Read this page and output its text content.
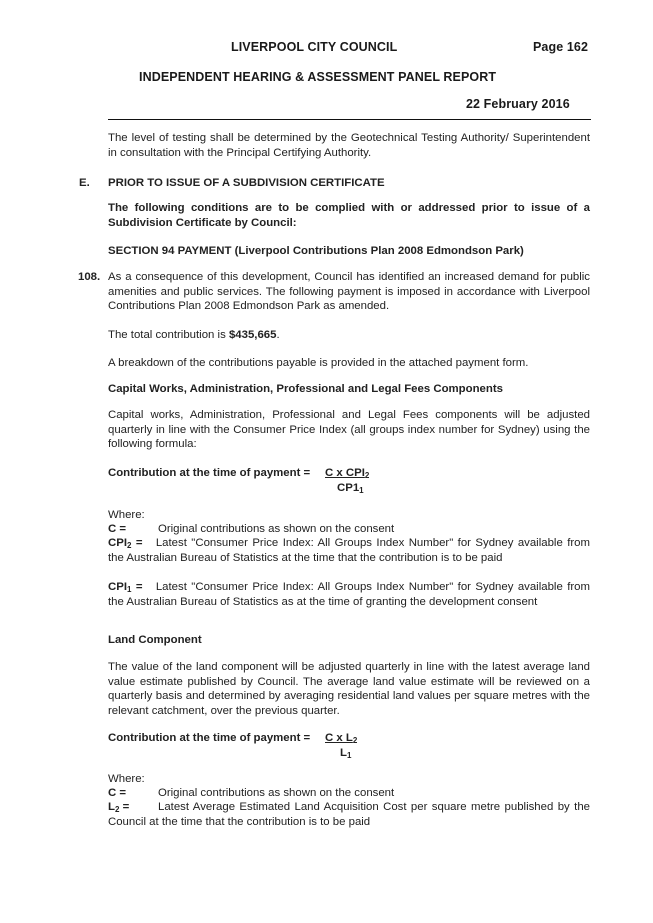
LIVERPOOL CITY COUNCIL	Page 162
INDEPENDENT HEARING & ASSESSMENT PANEL REPORT
22 February 2016
The level of testing shall be determined by the Geotechnical Testing Authority/ Superintendent in consultation with the Principal Certifying Authority.
E. PRIOR TO ISSUE OF A SUBDIVISION CERTIFICATE
The following conditions are to be complied with or addressed prior to issue of a Subdivision Certificate by Council:
SECTION 94 PAYMENT (Liverpool Contributions Plan 2008 Edmondson Park)
108. As a consequence of this development, Council has identified an increased demand for public amenities and public services. The following payment is imposed in accordance with Liverpool Contributions Plan 2008 Edmondson Park as amended.
The total contribution is $435,665.
A breakdown of the contributions payable is provided in the attached payment form.
Capital Works, Administration, Professional and Legal Fees Components
Capital works, Administration, Professional and Legal Fees components will be adjusted quarterly in line with the Consumer Price Index (all groups index number for Sydney) using the following formula:
Contribution at the time of payment = C x $CPI_2$
$CP1_1$
Where:
C =	Original contributions as shown on the consent
$CPI_2$ = Latest "Consumer Price Index: All Groups Index Number" for Sydney available from the Australian Bureau of Statistics at the time that the contribution is to be paid
$CPI_1$ = Latest "Consumer Price Index: All Groups Index Number" for Sydney available from the Australian Bureau of Statistics as at the time of granting the development consent
Land Component
The value of the land component will be adjusted quarterly in line with the latest average land value estimate published by Council. The average land value estimate will be reviewed on a quarterly basis and determined by averaging residential land values per square metres with the relevant catchment, over the previous quarter.
Contribution at the time of payment = C x $L_2$
$L_1$
Where:
C =	Original contributions as shown on the consent
$L_2$ =	Latest Average Estimated Land Acquisition Cost per square metre published by the Council at the time that the contribution is to be paid
